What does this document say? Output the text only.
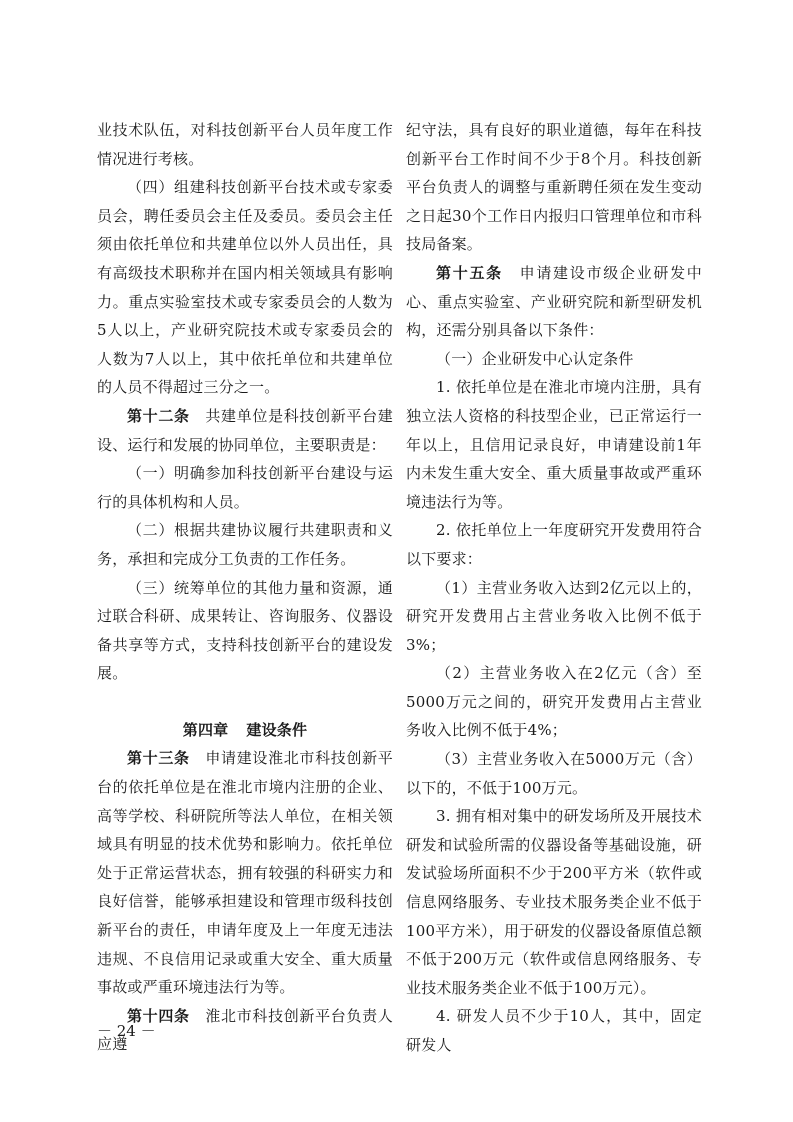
业技术队伍，对科技创新平台人员年度工作情况进行考核。

（四）组建科技创新平台技术或专家委员会，聘任委员会主任及委员。委员会主任须由依托单位和共建单位以外人员出任，具有高级技术职称并在国内相关领域具有影响力。重点实验室技术或专家委员会的人数为5人以上，产业研究院技术或专家委员会的人数为7人以上，其中依托单位和共建单位的人员不得超过三分之一。

第十二条　共建单位是科技创新平台建设、运行和发展的协同单位，主要职责是：

（一）明确参加科技创新平台建设与运行的具体机构和人员。

（二）根据共建协议履行共建职责和义务，承担和完成分工负责的工作任务。

（三）统筹单位的其他力量和资源，通过联合科研、成果转让、咨询服务、仪器设备共享等方式，支持科技创新平台的建设发展。

第四章 建设条件

第十三条　申请建设淮北市科技创新平台的依托单位是在淮北市境内注册的企业、高等学校、科研院所等法人单位，在相关领域具有明显的技术优势和影响力。依托单位处于正常运营状态，拥有较强的科研实力和良好信誉，能够承担建设和管理市级科技创新平台的责任，申请年度及上一年度无违法违规、不良信用记录或重大安全、重大质量事故或严重环境违法行为等。

第十四条　淮北市科技创新平台负责人应遵

纪守法，具有良好的职业道德，每年在科技创新平台工作时间不少于8个月。科技创新平台负责人的调整与重新聘任须在发生变动之日起30个工作日内报归口管理单位和市科技局备案。

第十五条　申请建设市级企业研发中心、重点实验室、产业研究院和新型研发机构，还需分别具备以下条件：

（一）企业研发中心认定条件

1. 依托单位是在淮北市境内注册，具有独立法人资格的科技型企业，已正常运行一年以上，且信用记录良好，申请建设前1年内未发生重大安全、重大质量事故或严重环境违法行为等。

2. 依托单位上一年度研究开发费用符合以下要求：

（1）主营业务收入达到2亿元以上的，研究开发费用占主营业务收入比例不低于3%；

（2）主营业务收入在2亿元（含）至5000万元之间的，研究开发费用占主营业务收入比例不低于4%；

（3）主营业务收入在5000万元（含）以下的，不低于100万元。

3. 拥有相对集中的研发场所及开展技术研发和试验所需的仪器设备等基础设施，研发试验场所面积不少于200平方米（软件或信息网络服务、专业技术服务类企业不低于100平方米），用于研发的仪器设备原值总额不低于200万元（软件或信息网络服务、专业技术服务类企业不低于100万元）。

4. 研发人员不少于10人，其中，固定研发人

－ 24 －
